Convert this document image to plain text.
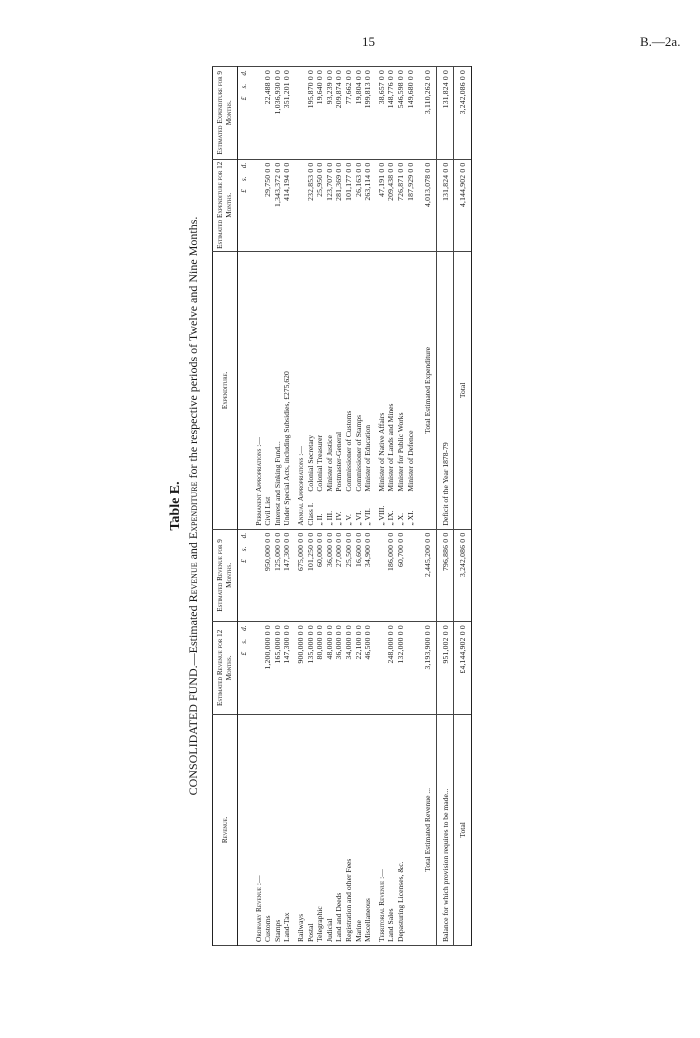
15	B.—2a.
Table E.
CONSOLIDATED FUND.—Estimated Revenue and Expenditure for the respective periods of Twelve and Nine Months.
Revenue.	Estimated Revenue for 12 Months.	Estimated Revenue for 9 Months.	Expenditure.	Estimated Expenditure for 12 Months.	Estimated Expenditure for 9 Months.
	£s.d.	£s.d.		£s.d.	£s.d.
Ordinary Revenue :—			Permanent Appropriations :—		
Customs	1,200,000 0 0	950,000 0 0	Civil List	29,750 0 0	22,488 0 0
Stamps	165,000 0 0	125,000 0 0	Interest and Sinking Fund...	1,343,372 0 0	1,036,930 0 0
Land-Tax	147,300 0 0	147,300 0 0	Under Special Acts, including Subsidies, £275,620	414,194 0 0	351,201 0 0
Railways	900,000 0 0	675,000 0 0	Annual Appropriations :—		
Postal	135,000 0 0	101,250 0 0	Class I.Colonial Secretary	232,853 0 0	195,870 0 0
Telegraphic	80,000 0 0	60,000 0 0	„ II.Colonial Treasurer	25,950 0 0	19,640 0 0
Judicial	48,000 0 0	36,000 0 0	„ III.Minister of Justice	123,707 0 0	93,239 0 0
Land and Deeds	36,000 0 0	27,000 0 0	„ IV.Postmaster-General	281,369 0 0	209,874 0 0
Registration and other Fees	34,000 0 0	25,500 0 0	„ V.Commissioner of Customs	101,177 0 0	77,662 0 0
Marine	22,100 0 0	16,600 0 0	„ VI.Commissioner of Stamps	26,163 0 0	19,804 0 0
Miscellaneous	46,500 0 0	34,900 0 0	„ VII.Minister of Education	263,114 0 0	199,813 0 0
Territorial Revenue :—			„ VIII.Minister of Native Affairs	47,191 0 0	38,657 0 0
Land Sales	248,000 0 0	186,000 0 0	„ IX.Minister of Lands and Mines	209,438 0 0	148,776 0 0
Depasturing Licenses, &c.	132,000 0 0	60,700 0 0	„ X.Minister for Public Works	726,871 0 0	546,598 0 0
			„ XI.Minister of Defence	187,929 0 0	149,680 0 0
Total Estimated Revenue ...	3,193,900 0 0	2,445,200 0 0	Total Estimated Expenditure	4,013,078 0 0	3,110,262 0 0
Balance for which provision requires to be made...	951,002 0 0	796,886 0 0	Deficit of the Year 1878-79	131,824 0 0	131,824 0 0
Total	£4,144,902 0 0	3,242,086 0 0	Total	4,144,902 0 0	3,242,086 0 0
